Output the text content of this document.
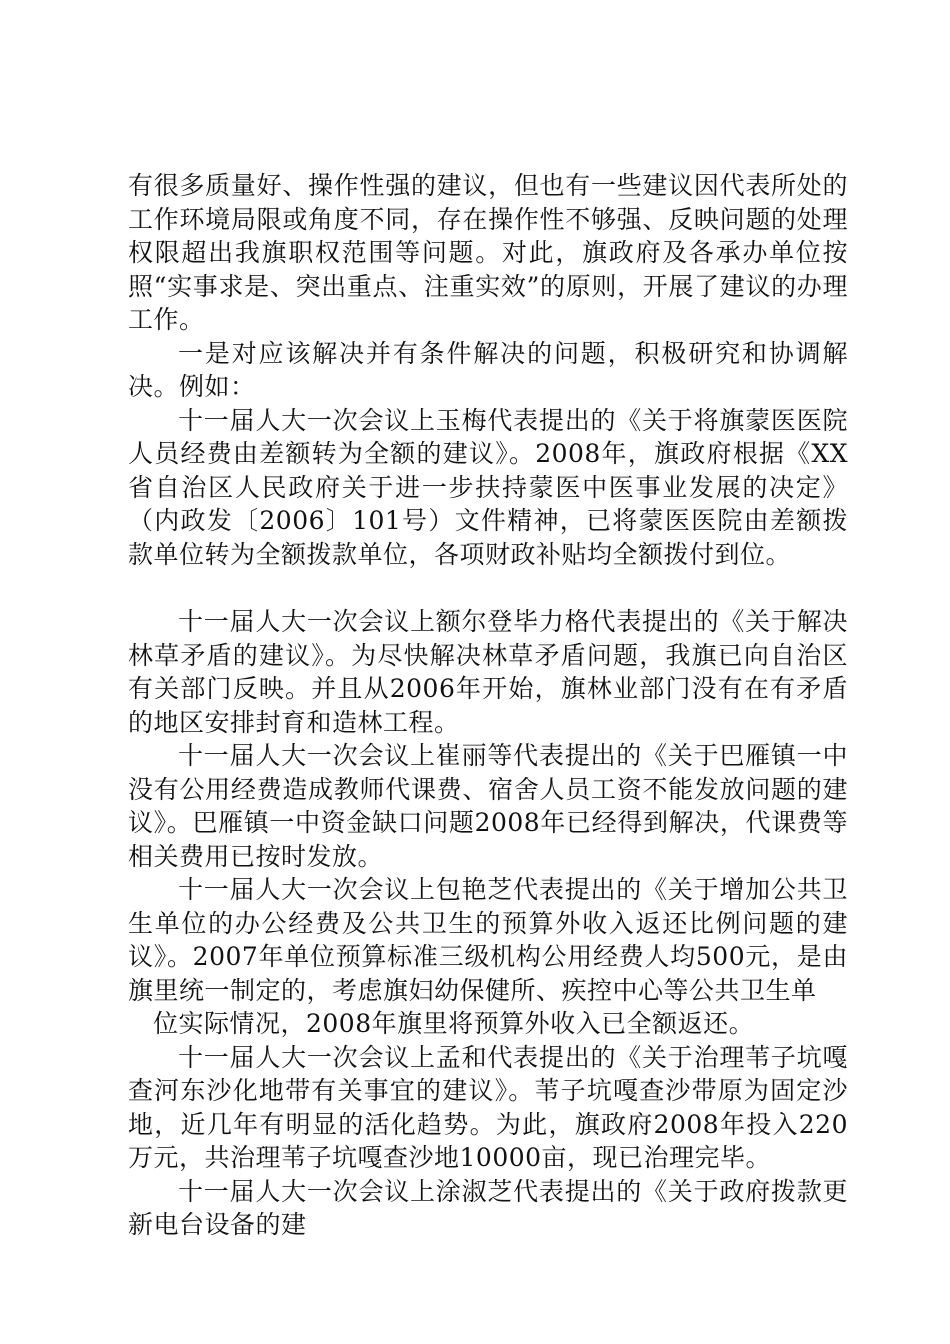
有很多质量好、操作性强的建议，但也有一些建议因代表所处的工作环境局限或角度不同，存在操作性不够强、反映问题的处理权限超出我旗职权范围等问题。对此，旗政府及各承办单位按照“实事求是、突出重点、注重实效”的原则，开展了建议的办理工作。

一是对应该解决并有条件解决的问题，积极研究和协调解决。例如：

十一届人大一次会议上玉梅代表提出的《关于将旗蒙医医院人员经费由差额转为全额的建议》。2008年，旗政府根据《XX省自治区人民政府关于进一步扶持蒙医中医事业发展的决定》（内政发〔2006〕101号）文件精神，已将蒙医医院由差额拨款单位转为全额拨款单位，各项财政补贴均全额拨付到位。

十一届人大一次会议上额尔登毕力格代表提出的《关于解决林草矛盾的建议》。为尽快解决林草矛盾问题，我旗已向自治区有关部门反映。并且从2006年开始，旗林业部门没有在有矛盾的地区安排封育和造林工程。

十一届人大一次会议上崔丽等代表提出的《关于巴雁镇一中没有公用经费造成教师代课费、宿舍人员工资不能发放问题的建议》。巴雁镇一中资金缺口问题2008年已经得到解决，代课费等相关费用已按时发放。

十一届人大一次会议上包艳芝代表提出的《关于增加公共卫生单位的办公经费及公共卫生的预算外收入返还比例问题的建议》。2007年单位预算标准三级机构公用经费人均500元，是由旗里统一制定的，考虑旗妇幼保健所、疾控中心等公共卫生单

位实际情况，2008年旗里将预算外收入已全额返还。

十一届人大一次会议上孟和代表提出的《关于治理苇子坑嘎查河东沙化地带有关事宜的建议》。苇子坑嘎查沙带原为固定沙地，近几年有明显的活化趋势。为此，旗政府2008年投入220万元，共治理苇子坑嘎查沙地10000亩，现已治理完毕。

十一届人大一次会议上涂淑芝代表提出的《关于政府拨款更新电台设备的建
